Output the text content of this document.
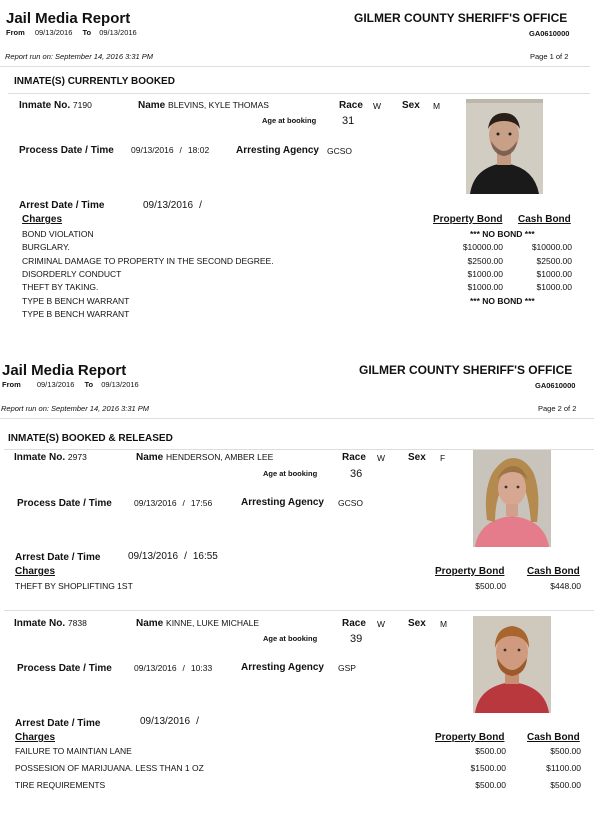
Jail Media Report	GILMER COUNTY SHERIFF'S OFFICE
From 09/13/2016 To 09/13/2016	GA0610000
Report run on: September 14, 2016 3:31 PM	Page 1 of 2
INMATE(S) CURRENTLY BOOKED
Inmate No. 7190	Name BLEVINS, KYLE THOMAS	Race W Sex M
Age at booking 31
Process Date / Time 09/13/2016 / 18:02	Arresting Agency GCSO
Arrest Date / Time	09/13/2016 /
Charges	Property Bond Cash Bond
BOND VIOLATION	*** NO BOND ***
BURGLARY.	$10000.00	$10000.00
CRIMINAL DAMAGE TO PROPERTY IN THE SECOND DEGREE.	$2500.00	$2500.00
DISORDERLY CONDUCT	$1000.00	$1000.00
THEFT BY TAKING.	$1000.00	$1000.00
TYPE B BENCH WARRANT	*** NO BOND ***
TYPE B BENCH WARRANT
Jail Media Report	GILMER COUNTY SHERIFF'S OFFICE
From 09/13/2016 To 09/13/2016	GA0610000
Report run on: September 14, 2016 3:31 PM	Page 2 of 2
INMATE(S) BOOKED & RELEASED
Inmate No. 2973	Name HENDERSON, AMBER LEE	Race W Sex F
Age at booking	36
Process Date / Time	09/13/2016 / 17:56	Arresting Agency GCSO
Arrest Date / Time	09/13/2016 / 16:55
Charges	Property Bond Cash Bond
THEFT BY SHOPLIFTING 1ST	$500.00	$448.00
Inmate No. 7838	Name KINNE, LUKE MICHALE	Race W Sex M
Age at booking	39
Process Date / Time	09/13/2016 / 10:33	Arresting Agency GSP
Arrest Date / Time	09/13/2016 /
Charges	Property Bond Cash Bond
FAILURE TO MAINTIAN LANE	$500.00	$500.00
POSSESION OF MARIJUANA. LESS THAN 1 OZ	$1500.00	$1100.00
TIRE REQUIREMENTS	$500.00	$500.00
